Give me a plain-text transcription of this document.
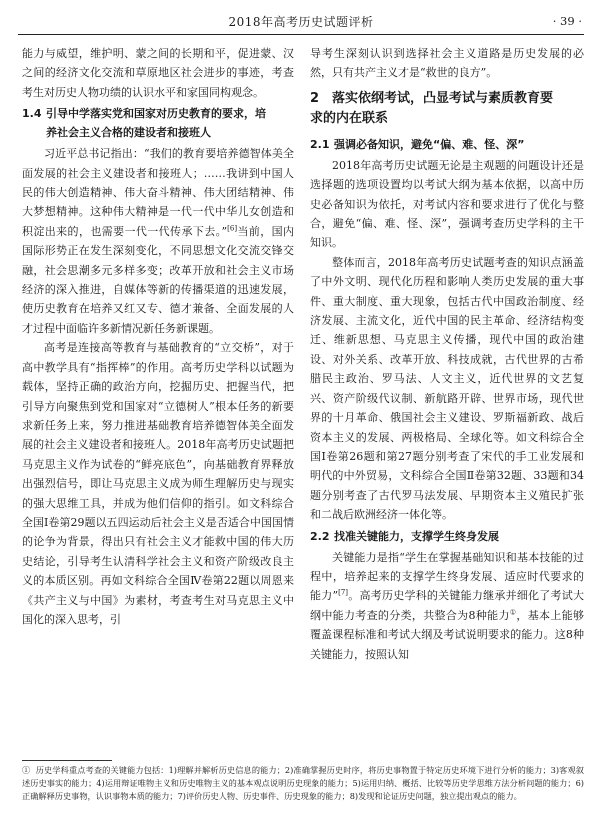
2018年高考历史试题评析	· 39 ·

能力与威望，维护明、蒙之间的长期和平，促进蒙、汉之间的经济文化交流和草原地区社会进步的事迹，考查考生对历史人物功绩的认识水平和家国同构观念。

1.4 引导中学落实党和国家对历史教育的要求，培
养社会主义合格的建设者和接班人

习近平总书记指出：“我们的教育要培养德智体美全面发展的社会主义建设者和接班人；……我讲到中国人民的伟大创造精神、伟大奋斗精神、伟大团结精神、伟大梦想精神。这种伟大精神是一代一代中华儿女创造和积淀出来的，也需要一代一代传承下去。”[6]当前，国内国际形势正在发生深刻变化，不同思想文化交流交锋交融，社会思潮多元多样多变；改革开放和社会主义市场经济的深入推进，自媒体等新的传播渠道的迅速发展，使历史教育在培养又红又专、德才兼备、全面发展的人才过程中面临许多新情况新任务新课题。

高考是连接高等教育与基础教育的“立交桥”，对于高中教学具有“指挥棒”的作用。高考历史学科以试题为载体，坚持正确的政治方向，挖掘历史、把握当代，把引导方向聚焦到党和国家对“立德树人”根本任务的新要求新任务上来，努力推进基础教育培养德智体美全面发展的社会主义建设者和接班人。2018年高考历史试题把马克思主义作为试卷的“鲜亮底色”，向基础教育界释放出强烈信号，即让马克思主义成为师生理解历史与现实的强大思维工具，并成为他们信仰的指引。如文科综合全国Ⅰ卷第29题以五四运动后社会主义是否适合中国国情的论争为背景，得出只有社会主义才能救中国的伟大历史结论，引导考生认清科学社会主义和资产阶级改良主义的本质区别。再如文科综合全国Ⅳ卷第22题以周恩来《共产主义与中国》为素材，考查考生对马克思主义中国化的深入思考，引

导考生深刻认识到选择社会主义道路是历史发展的必然，只有共产主义才是“救世的良方”。

2 落实依纲考试，凸显考试与素质教育要
求的内在联系
2.1 强调必备知识，避免“偏、难、怪、深”

2018年高考历史试题无论是主观题的问题设计还是选择题的选项设置均以考试大纲为基本依据，以高中历史必备知识为依托，对考试内容和要求进行了优化与整合，避免“偏、难、怪、深”，强调考查历史学科的主干知识。

整体而言，2018年高考历史试题考查的知识点涵盖了中外文明、现代化历程和影响人类历史发展的重大事件、重大制度、重大现象，包括古代中国政治制度、经济发展、主流文化，近代中国的民主革命、经济结构变迁、维新思想、马克思主义传播，现代中国的政治建设、对外关系、改革开放、科技成就，古代世界的古希腊民主政治、罗马法、人文主义，近代世界的文艺复兴、资产阶级代议制、新航路开辟、世界市场，现代世界的十月革命、俄国社会主义建设、罗斯福新政、战后资本主义的发展、两极格局、全球化等。如文科综合全国Ⅰ卷第26题和第27题分别考查了宋代的手工业发展和明代的中外贸易，文科综合全国Ⅱ卷第32题、33题和34题分别考查了古代罗马法发展、早期资本主义殖民扩张和二战后欧洲经济一体化等。

2.2 找准关键能力，支撑学生终身发展

关键能力是指“学生在掌握基础知识和基本技能的过程中，培养起来的支撑学生终身发展、适应时代要求的能力”[7]。高考历史学科的关键能力继承并细化了考试大纲中能力考查的分类，共整合为8种能力①，基本上能够覆盖课程标准和考试大纲及考试说明要求的能力。这8种关键能力，按照认知

① 历史学科重点考查的关键能力包括：1)理解并解析历史信息的能力；2)准确掌握历史时序，将历史事物置于特定历史环境下进行分析的能力；3)客观叙述历史事实的能力；4)运用辩证唯物主义和历史唯物主义的基本观点说明历史现象的能力；5)运用归纳、概括、比较等历史学思维方法分析问题的能力；6)正确解释历史事物，认识事物本质的能力；7)评价历史人物、历史事件、历史现象的能力；8)发现和论证历史问题，独立提出观点的能力。
